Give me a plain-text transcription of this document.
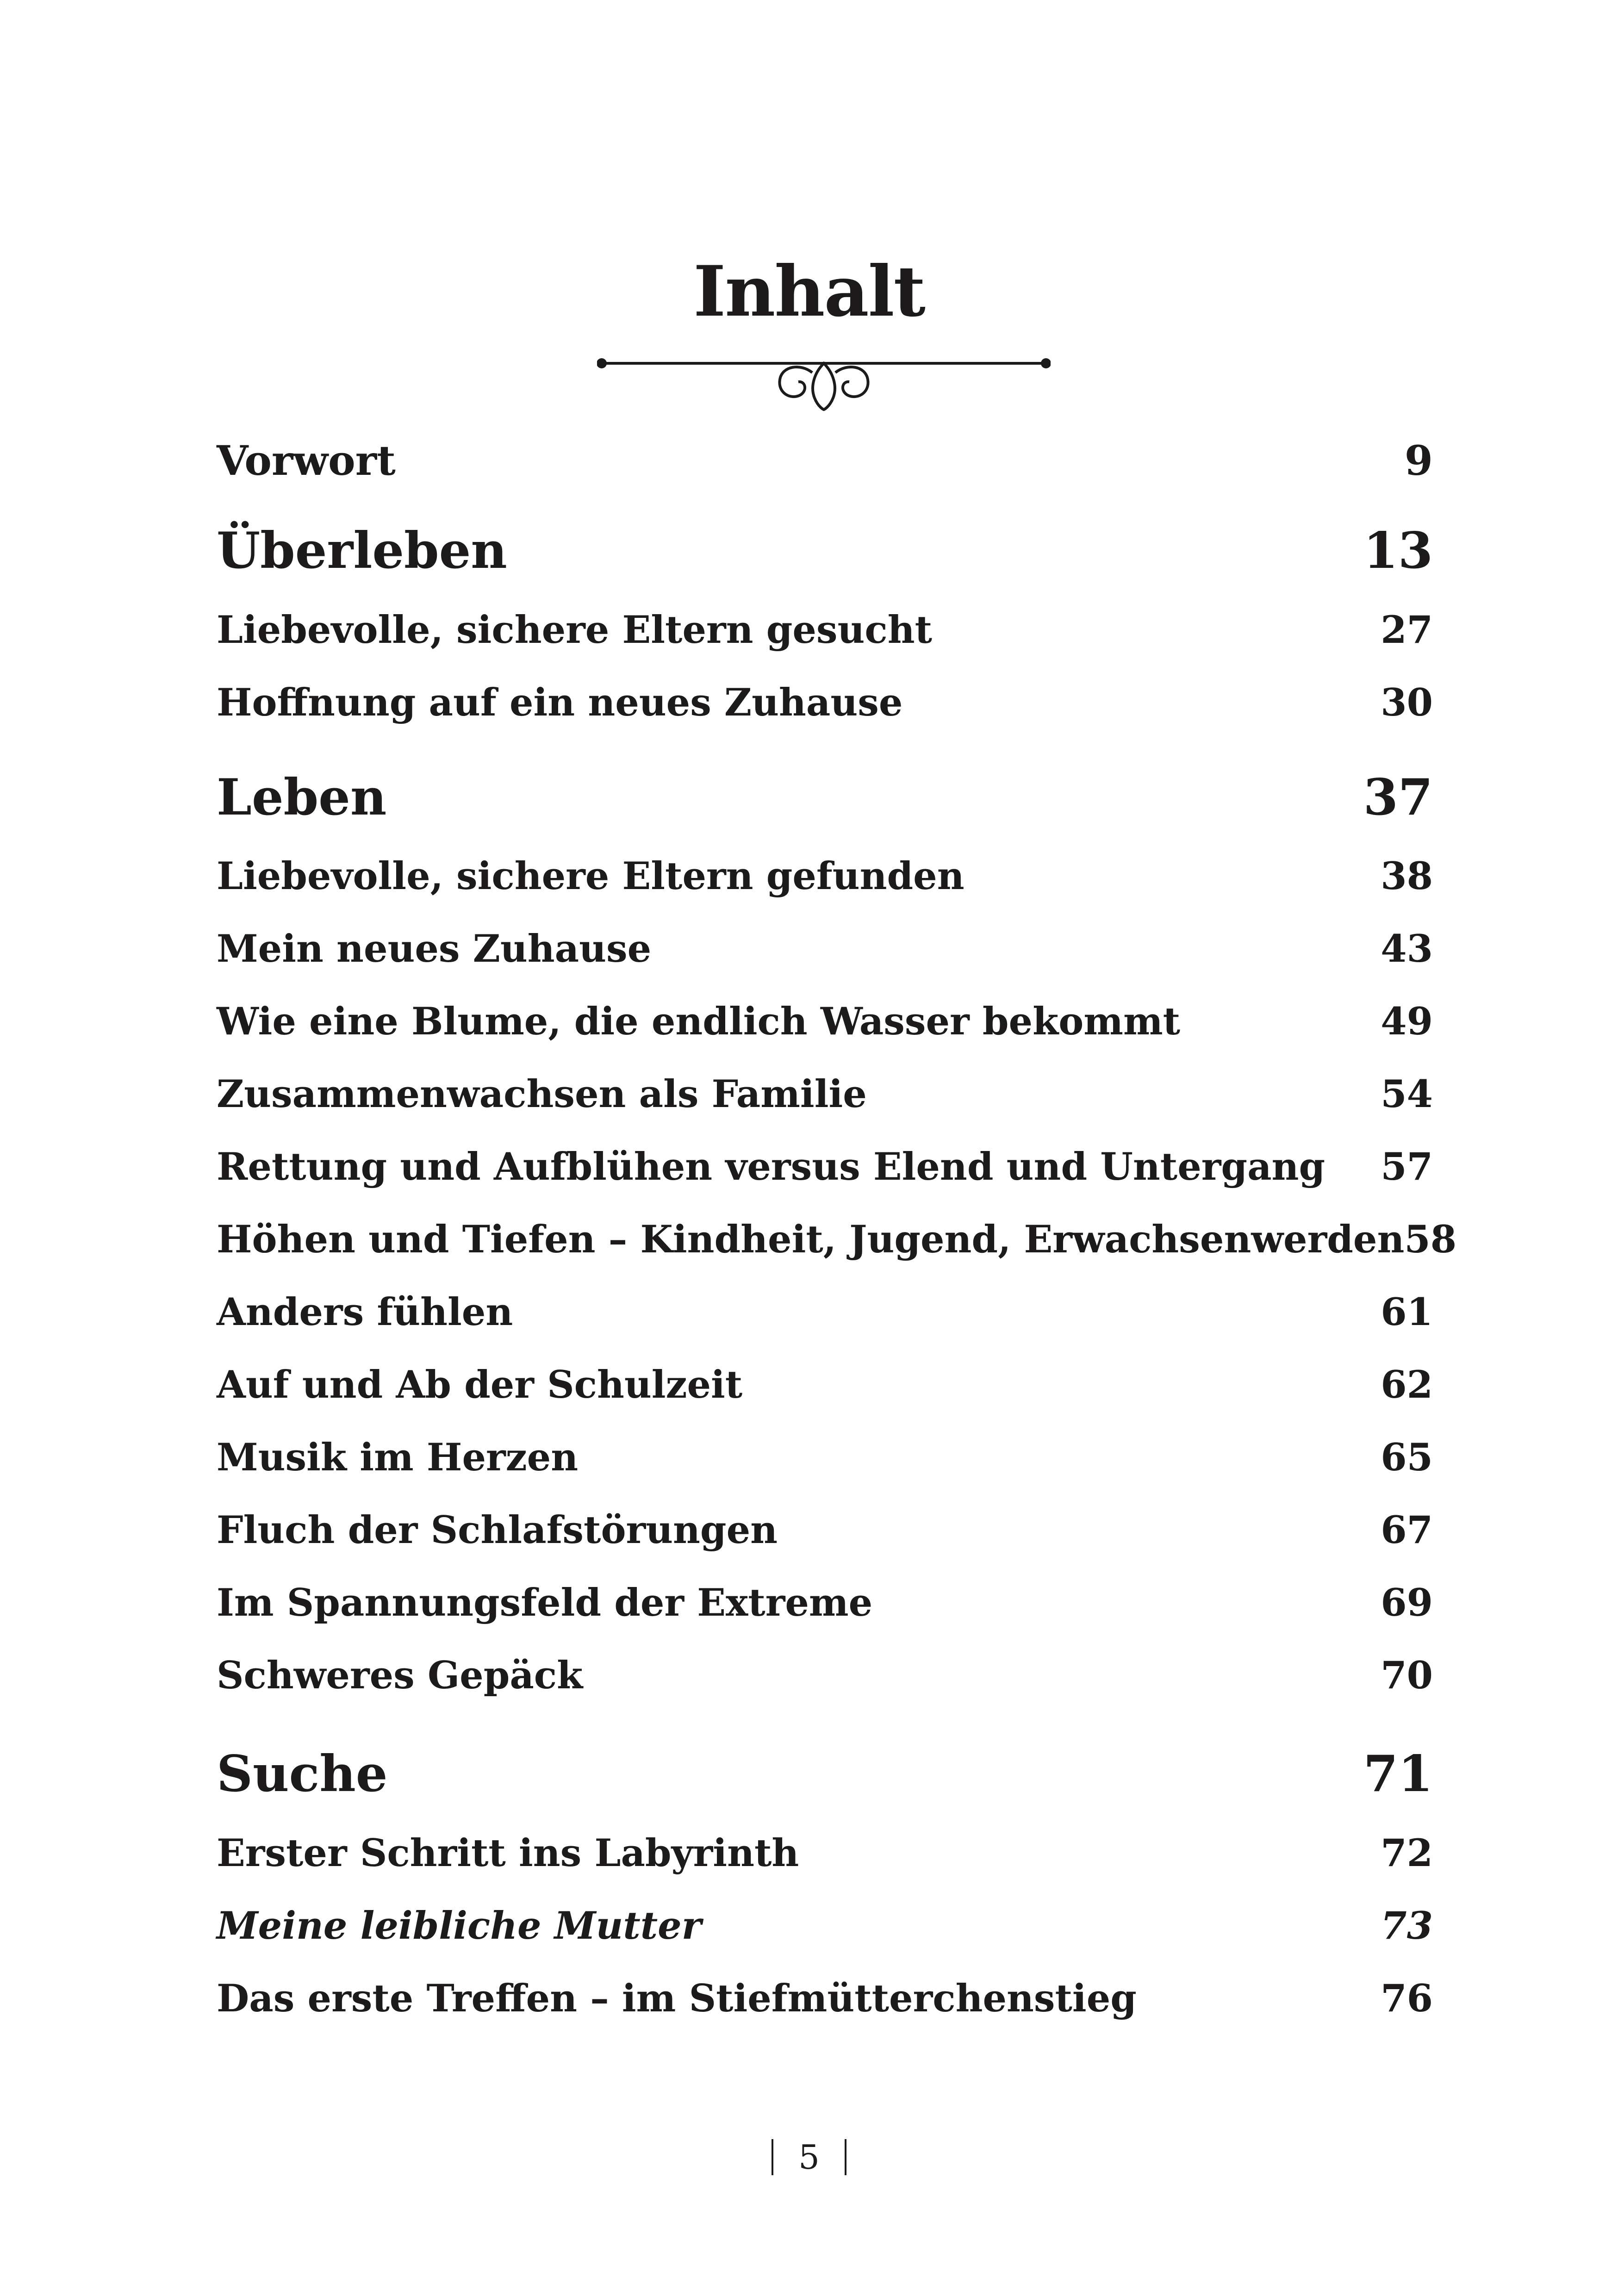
Inhalt
Vorwort	9
Überleben	13
Liebevolle, sichere Eltern gesucht	27
Hoffnung auf ein neues Zuhause	30
Leben	37
Liebevolle, sichere Eltern gefunden	38
Mein neues Zuhause	43
Wie eine Blume, die endlich Wasser bekommt	49
Zusammenwachsen als Familie	54
Rettung und Aufblühen versus Elend und Untergang 57
Höhen und Tiefen – Kindheit, Jugend, Erwachsenwerden 58
Anders fühlen	61
Auf und Ab der Schulzeit	62
Musik im Herzen	65
Fluch der Schlafstörungen	67
Im Spannungsfeld der Extreme	69
Schweres Gepäck	70
Suche	71
Erster Schritt ins Labyrinth	72
Meine leibliche Mutter	73
Das erste Treffen – im Stiefmütterchenstieg	76
5
